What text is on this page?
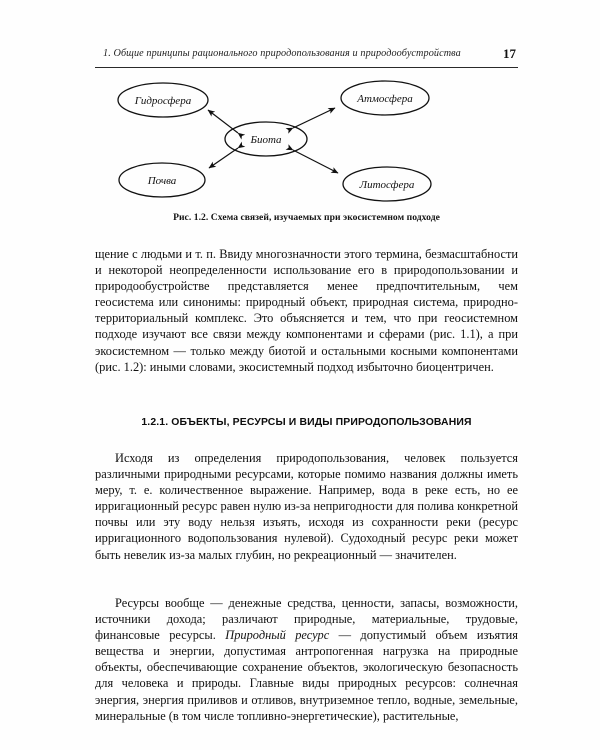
1. Общие принципы рационального природопользования и природообустройства	17
Гидросфера	Атмосфера
Биота
Почва	Литосфера
Рис. 1.2. Схема связей, изучаемых при экосистемном подходе
щение с людьми и т. п. Ввиду многозначности этого термина, безмасштабности и некоторой неопределенности использование его в природопользовании и природообустройстве представляется менее предпочтительным, чем геосистема или синонимы: природный объект, природная система, природно-территориальный комплекс. Это объясняется и тем, что при геосистемном подходе изучают все связи между компонентами и сферами (рис. 1.1), а при экосистемном — только между биотой и остальными косными компонентами (рис. 1.2): иными словами, экосистемный подход избыточно биоцентричен.
1.2.1. ОБЪЕКТЫ, РЕСУРСЫ И ВИДЫ ПРИРОДОПОЛЬЗОВАНИЯ
Исходя из определения природопользования, человек пользуется различными природными ресурсами, которые помимо названия должны иметь меру, т. е. количественное выражение. Например, вода в реке есть, но ее ирригационный ресурс равен нулю из-за непригодности для полива конкретной почвы или эту воду нельзя изъять, исходя из сохранности реки (ресурс ирригационного водопользования нулевой). Судоходный ресурс реки может быть невелик из-за малых глубин, но рекреационный — значителен.
Ресурсы вообще — денежные средства, ценности, запасы, возможности, источники дохода; различают природные, материальные, трудовые, финансовые ресурсы. Природный ресурс — допустимый объем изъятия вещества и энергии, допустимая антропогенная нагрузка на природные объекты, обеспечивающие сохранение объектов, экологическую безопасность для человека и природы. Главные виды природных ресурсов: солнечная энергия, энергия приливов и отливов, внутриземное тепло, водные, земельные, минеральные (в том числе топливно-энергетические), растительные,
